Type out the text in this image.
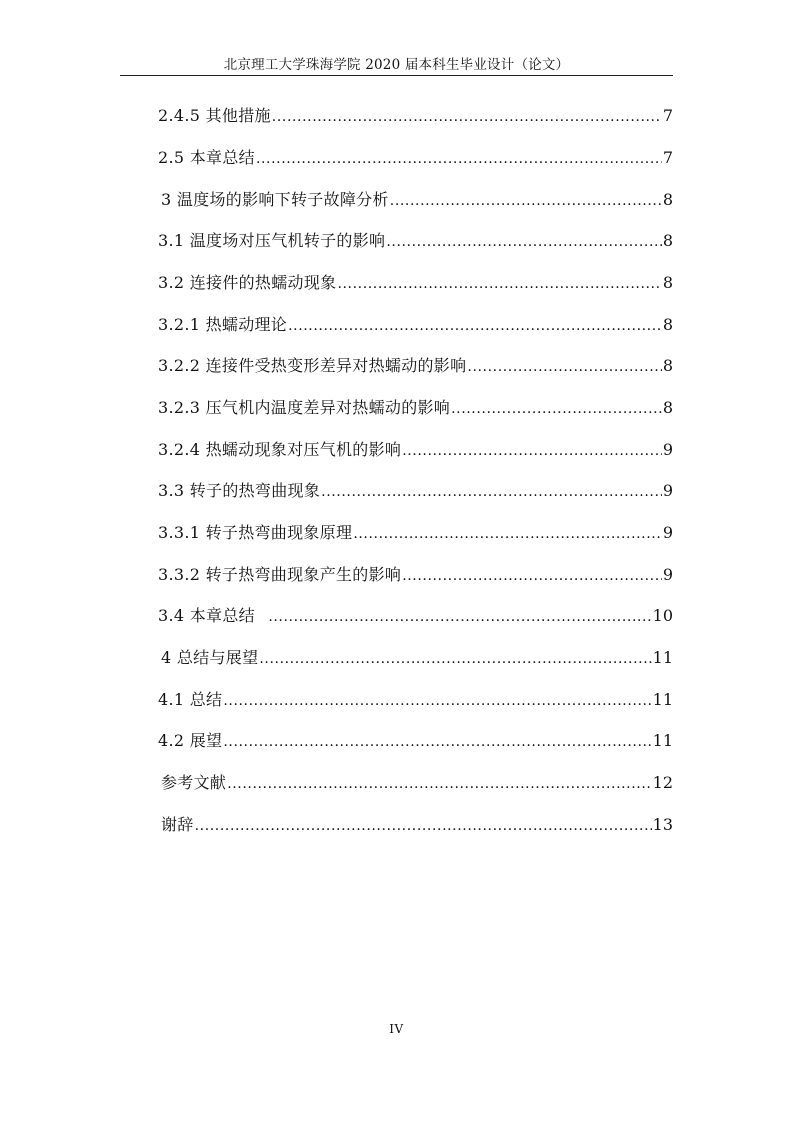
北京理工大学珠海学院 2020 届本科生毕业设计（论文）
2.4.5 其他措施 .....	7
2.5 本章总结 .....	7
3 温度场的影响下转子故障分析 .....	8
3.1 温度场对压气机转子的影响 .....	8
3.2 连接件的热蠕动现象 .....	8
3.2.1 热蠕动理论 .....	8
3.2.2 连接件受热变形差异对热蠕动的影响 .....	8
3.2.3 压气机内温度差异对热蠕动的影响 .....	8
3.2.4 热蠕动现象对压气机的影响 .....	9
3.3 转子的热弯曲现象 .....	9
3.3.1 转子热弯曲现象原理 .....	9
3.3.2 转子热弯曲现象产生的影响 .....	9
3.4 本章总结 .....	10
4 总结与展望 .....	11
4.1 总结 .....	11
4.2 展望 .....	11
参考文献 .....	12
谢辞 .....	13
IV
